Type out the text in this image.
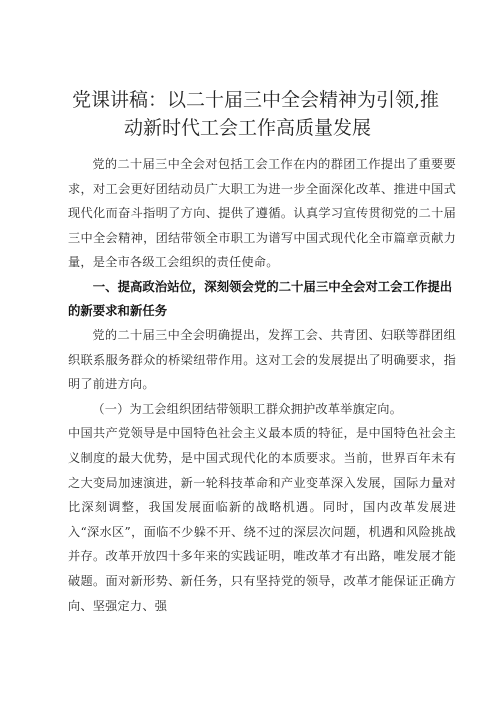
党课讲稿：以二十届三中全会精神为引领,推
动新时代工会工作高质量发展

党的二十届三中全会对包括工会工作在内的群团工作提出了重要要求，对工会更好团结动员广大职工为进一步全面深化改革、推进中国式现代化而奋斗指明了方向、提供了遵循。认真学习宣传贯彻党的二十届三中全会精神，团结带领全市职工为谱写中国式现代化全市篇章贡献力量，是全市各级工会组织的责任使命。

一、提高政治站位，深刻领会党的二十届三中全会对工会工作提出的新要求和新任务

党的二十届三中全会明确提出，发挥工会、共青团、妇联等群团组织联系服务群众的桥梁纽带作用。这对工会的发展提出了明确要求，指明了前进方向。

（一）为工会组织团结带领职工群众拥护改革举旗定向。

中国共产党领导是中国特色社会主义最本质的特征，是中国特色社会主义制度的最大优势，是中国式现代化的本质要求。当前，世界百年未有之大变局加速演进，新一轮科技革命和产业变革深入发展，国际力量对比深刻调整，我国发展面临新的战略机遇。同时，国内改革发展进入“深水区”，面临不少躲不开、绕不过的深层次问题，机遇和风险挑战并存。改革开放四十多年来的实践证明，唯改革才有出路，唯发展才能破题。面对新形势、新任务，只有坚持党的领导，改革才能保证正确方向、坚强定力、强
